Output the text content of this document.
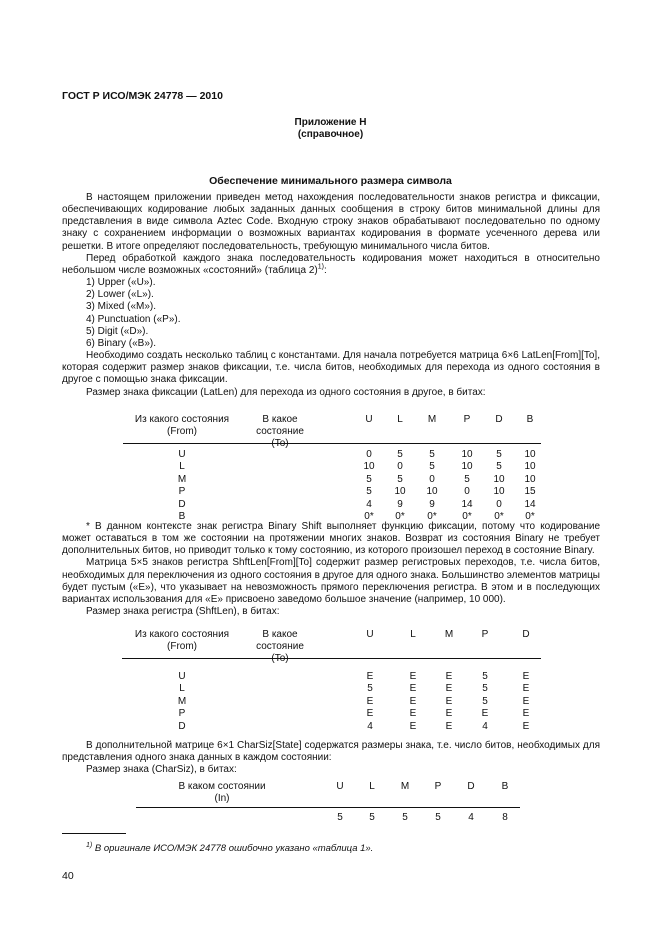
ГОСТ Р ИСО/МЭК 24778 — 2010
Приложение Н
(справочное)
Обеспечение минимального размера символа

В настоящем приложении приведен метод нахождения последовательности знаков регистра и фиксации, обеспечивающих кодирование любых заданных данных сообщения в строку битов минимальной длины для представления в виде символа Aztec Code. Входную строку знаков обрабатывают последовательно по одному знаку с сохранением информации о возможных вариантах кодирования в формате усеченного дерева или решетки. В итоге определяют последовательность, требующую минимального числа битов.

Перед обработкой каждого знака последовательность кодирования может находиться в относительно небольшом числе возможных «состояний» (таблица 2)$^{1)}$:

1) Upper («U»).

2) Lower («L»).

3) Mixed («M»).

4) Punctuation («P»).

5) Digit («D»).

6) Binary («B»).

Необходимо создать несколько таблиц с константами. Для начала потребуется матрица 6×6 LatLen[From][To], которая содержит размер знаков фиксации, т.е. числа битов, необходимых для перехода из одного состояния в другое с помощью знака фиксации.

Размер знака фиксации (LatLen) для перехода из одного состояния в другое, в битах:

Из какого состояния
(From)
В какое
состояние
U L	M	P	D B
U	0	5	5	10 5 10
L	10 0	5	10 5 10
M	5	5	0	5 10 10
P	5 10 10	0 10 15
D	4	9	9	14 0 14
B	0* 0* 0*	0* 0* 0*

* В данном контексте знак регистра Binary Shift выполняет функцию фиксации, потому что кодирование может оставаться в том же состоянии на протяжении многих знаков. Возврат из состояния Binary не требует дополнительных битов, но приводит только к тому состоянию, из которого произошел переход в состояние Binary.

Матрица 5×5 знаков регистра ShftLen[From][To] содержит размер регистровых переходов, т.е. числа битов, необходимых для переключения из одного состояния в другое для одного знака. Большинство элементов матрицы будет пустым («E»), что указывает на невозможность прямого переключения регистра. В этом и в последующих вариантах использования для «E» присвоено заведомо большое значение (например, 10 000).

Размер знака регистра (ShftLen), в битах:

Из какого состояния
(From)
В какое
состояние
U	L	M	P	D
U	E	E	E	5	E
L	5	E	E	5	E
M	E	E	E	5	E
P	E	E	E	E	E
D	4	E	E	4	E

В дополнительной матрице 6×1 CharSiz[State] содержатся размеры знака, т.е. число битов, необходимых для представления одного знака данных в каждом состоянии:

Размер знака (CharSiz), в битах:

В каком состоянии
(In)
U	L	M	P	D	B
5	5	5	5	4	8
$^{1)}$ В оригинале ИСО/МЭК 24778 ошибочно указано «таблица 1».
40
